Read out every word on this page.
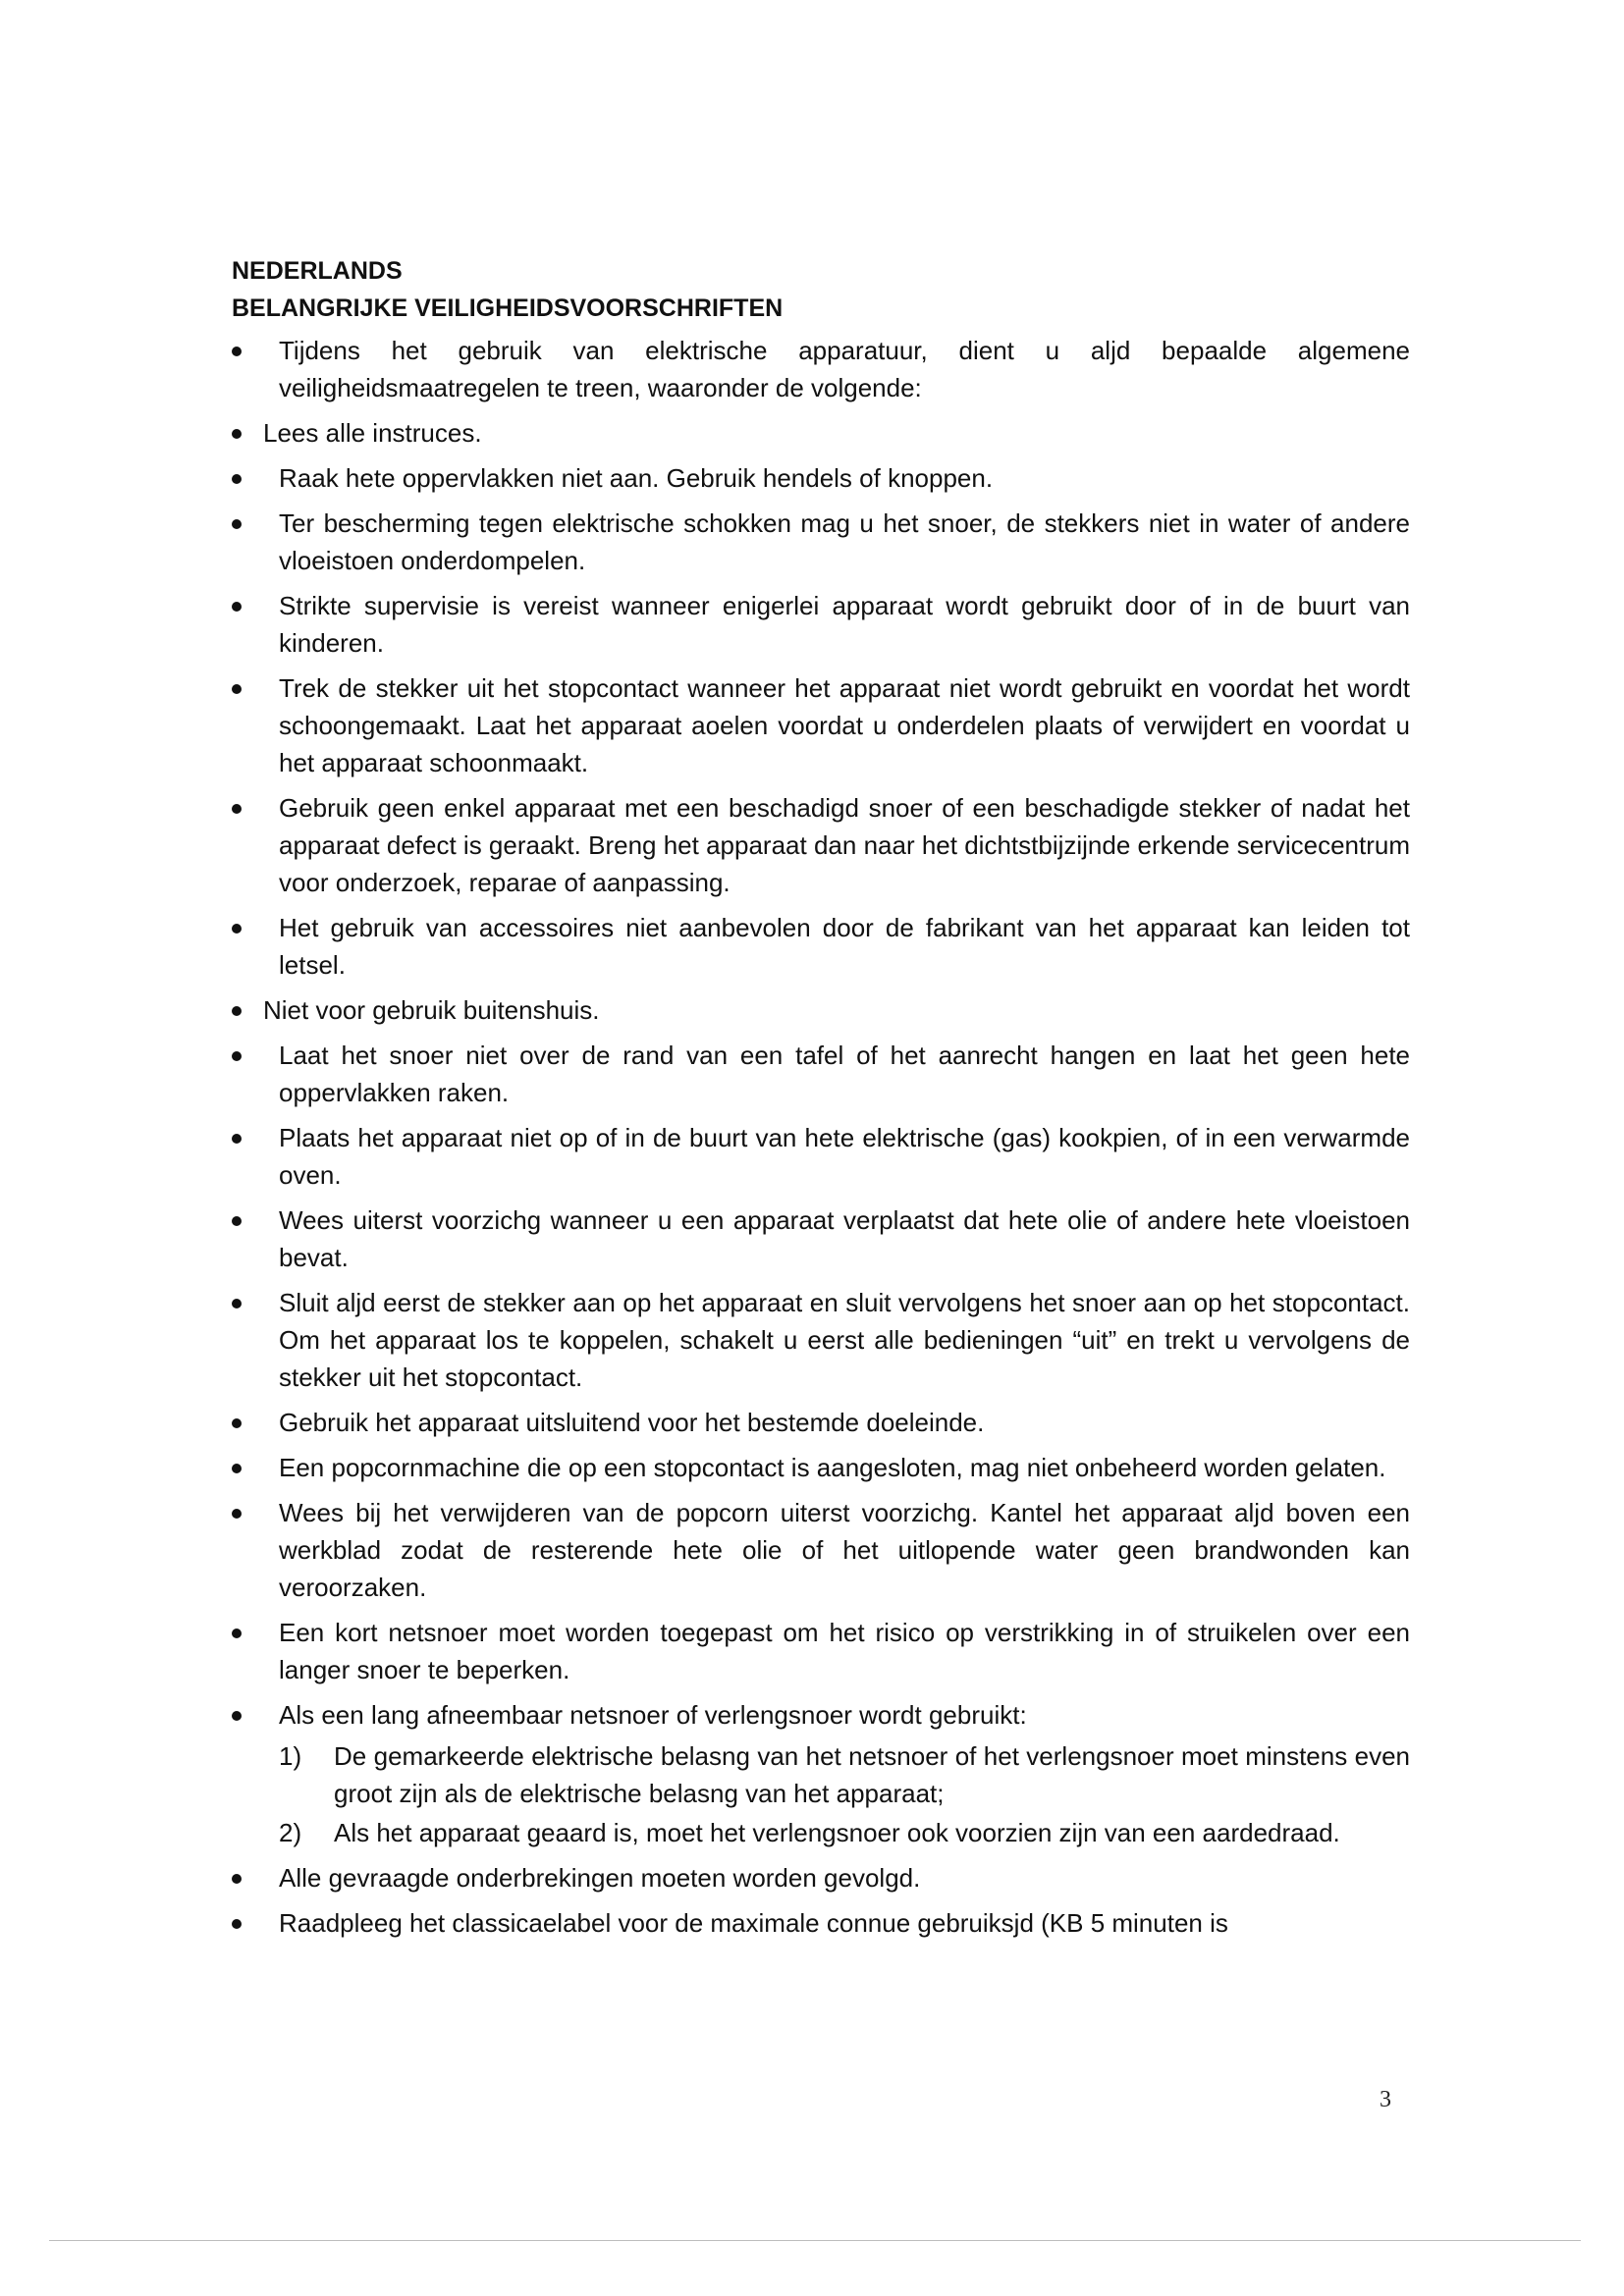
NEDERLANDS

BELANGRIJKE VEILIGHEIDSVOORSCHRIFTEN

Tijdens het gebruik van elektrische apparatuur, dient u aljd bepaalde algemene veiligheidsmaatregelen te treen, waaronder de volgende:
Lees alle instruces.
Raak hete oppervlakken niet aan. Gebruik hendels of knoppen.
Ter bescherming tegen elektrische schokken mag u het snoer, de stekkers niet in water of andere vloeistoen onderdompelen.
Strikte supervisie is vereist wanneer enigerlei apparaat wordt gebruikt door of in de buurt van kinderen.
Trek de stekker uit het stopcontact wanneer het apparaat niet wordt gebruikt en voordat het wordt schoongemaakt. Laat het apparaat aoelen voordat u onderdelen plaats of verwijdert en voordat u het apparaat schoonmaakt.
Gebruik geen enkel apparaat met een beschadigd snoer of een beschadigde stekker of nadat het apparaat defect is geraakt. Breng het apparaat dan naar het dichtstbijzijnde erkende servicecentrum voor onderzoek, reparae of aanpassing.
Het gebruik van accessoires niet aanbevolen door de fabrikant van het apparaat kan leiden tot letsel.
Niet voor gebruik buitenshuis.
Laat het snoer niet over de rand van een tafel of het aanrecht hangen en laat het geen hete oppervlakken raken.
Plaats het apparaat niet op of in de buurt van hete elektrische (gas) kookpien, of in een verwarmde oven.
Wees uiterst voorzichg wanneer u een apparaat verplaatst dat hete olie of andere hete vloeistoen bevat.
Sluit aljd eerst de stekker aan op het apparaat en sluit vervolgens het snoer aan op het stopcontact. Om het apparaat los te koppelen, schakelt u eerst alle bedieningen “uit” en trekt u vervolgens de stekker uit het stopcontact.
Gebruik het apparaat uitsluitend voor het bestemde doeleinde.
Een popcornmachine die op een stopcontact is aangesloten, mag niet onbeheerd worden gelaten.
Wees bij het verwijderen van de popcorn uiterst voorzichg. Kantel het apparaat aljd boven een werkblad zodat de resterende hete olie of het uitlopende water geen brandwonden kan veroorzaken.
Een kort netsnoer moet worden toegepast om het risico op verstrikking in of struikelen over een langer snoer te beperken.
Als een lang afneembaar netsnoer of verlengsnoer wordt gebruikt:
1) De gemarkeerde elektrische belasng van het netsnoer of het verlengsnoer moet minstens even groot zijn als de elektrische belasng van het apparaat;
2) Als het apparaat geaard is, moet het verlengsnoer ook voorzien zijn van een aardedraad.
Alle gevraagde onderbrekingen moeten worden gevolgd.
Raadpleeg het classicaelabel voor de maximale connue gebruiksjd (KB 5 minuten is
3
